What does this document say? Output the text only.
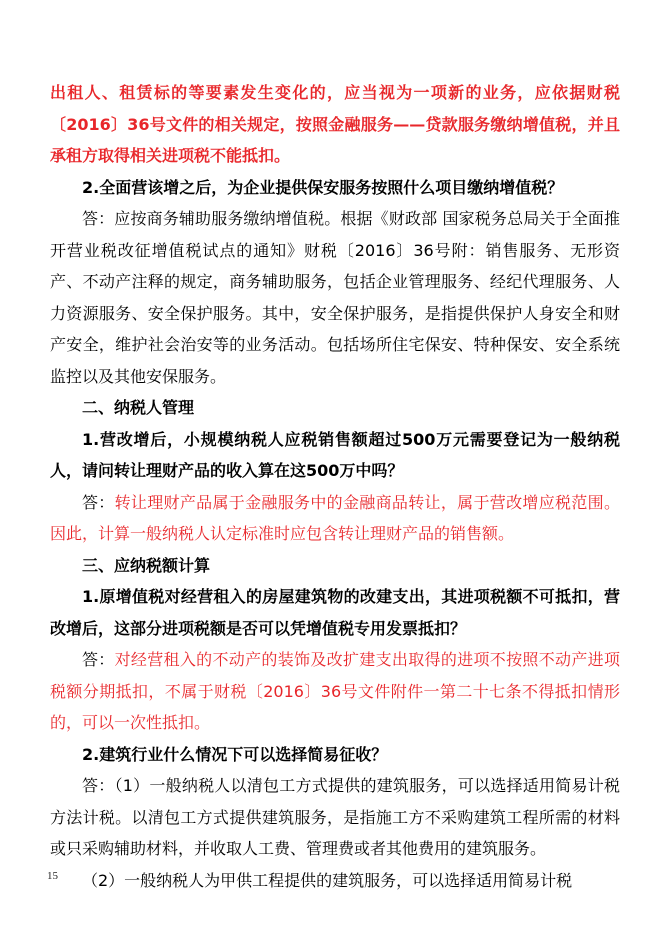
出租人、租赁标的等要素发生变化的，应当视为一项新的业务，应依据财税〔2016〕36号文件的相关规定，按照金融服务——贷款服务缴纳增值税，并且承租方取得相关进项税不能抵扣。

2.全面营该增之后，为企业提供保安服务按照什么项目缴纳增值税？

答：应按商务辅助服务缴纳增值税。根据《财政部 国家税务总局关于全面推开营业税改征增值税试点的通知》财税〔2016〕36号附：销售服务、无形资产、不动产注释的规定，商务辅助服务，包括企业管理服务、经纪代理服务、人力资源服务、安全保护服务。其中，安全保护服务，是指提供保护人身安全和财产安全，维护社会治安等的业务活动。包括场所住宅保安、特种保安、安全系统监控以及其他安保服务。

二、纳税人管理

1.营改增后，小规模纳税人应税销售额超过500万元需要登记为一般纳税人，请问转让理财产品的收入算在这500万中吗？

答：转让理财产品属于金融服务中的金融商品转让，属于营改增应税范围。因此，计算一般纳税人认定标准时应包含转让理财产品的销售额。

三、应纳税额计算

1.原增值税对经营租入的房屋建筑物的改建支出，其进项税额不可抵扣，营改增后，这部分进项税额是否可以凭增值税专用发票抵扣？

答：对经营租入的不动产的装饰及改扩建支出取得的进项不按照不动产进项税额分期抵扣，不属于财税〔2016〕36号文件附件一第二十七条不得抵扣情形的，可以一次性抵扣。

2.建筑行业什么情况下可以选择简易征收？

答：（1）一般纳税人以清包工方式提供的建筑服务，可以选择适用简易计税方法计税。以清包工方式提供建筑服务，是指施工方不采购建筑工程所需的材料或只采购辅助材料，并收取人工费、管理费或者其他费用的建筑服务。

（2）一般纳税人为甲供工程提供的建筑服务，可以选择适用简易计税

15
